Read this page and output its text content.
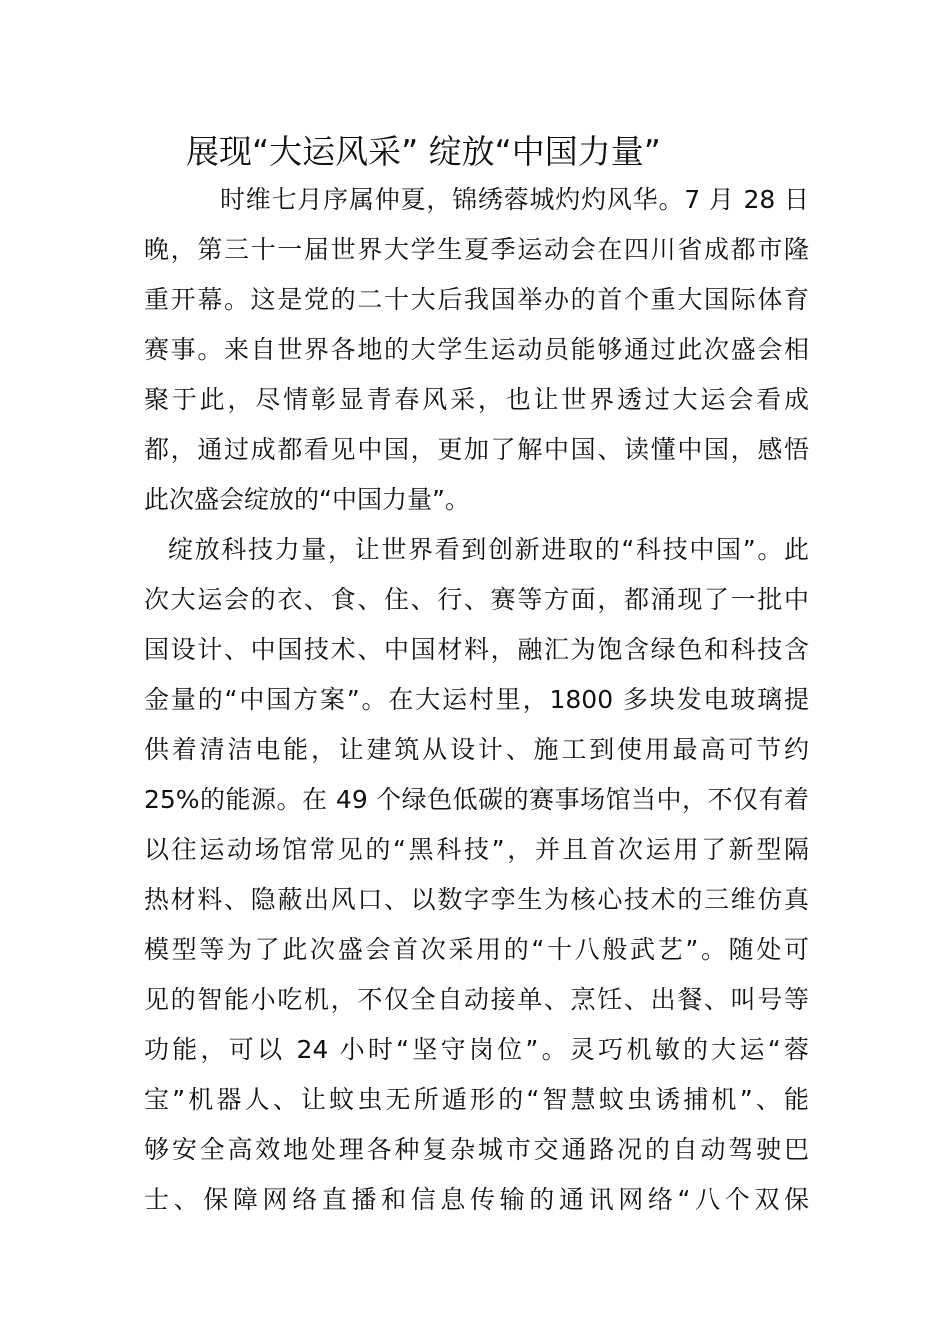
展现“大运风采” 绽放“中国力量”
时维七月序属仲夏，锦绣蓉城灼灼风华。7 月 28 日
晚，第三十一届世界大学生夏季运动会在四川省成都市隆
重开幕。这是党的二十大后我国举办的首个重大国际体育
赛事。来自世界各地的大学生运动员能够通过此次盛会相
聚于此，尽情彰显青春风采，也让世界透过大运会看成
都，通过成都看见中国，更加了解中国、读懂中国，感悟
此次盛会绽放的“中国力量”。
绽放科技力量，让世界看到创新进取的“科技中国”。此
次大运会的衣、食、住、行、赛等方面，都涌现了一批中
国设计、中国技术、中国材料，融汇为饱含绿色和科技含
金量的“中国方案”。在大运村里，1800 多块发电玻璃提
供着清洁电能，让建筑从设计、施工到使用最高可节约
25%的能源。在 49 个绿色低碳的赛事场馆当中，不仅有着
以往运动场馆常见的“黑科技”，并且首次运用了新型隔
热材料、隐蔽出风口、以数字孪生为核心技术的三维仿真
模型等为了此次盛会首次采用的“十八般武艺”。随处可
见的智能小吃机，不仅全自动接单、烹饪、出餐、叫号等
功能，可以 24 小时“坚守岗位”。灵巧机敏的大运“蓉
宝”机器人、让蚊虫无所遁形的“智慧蚊虫诱捕机”、能
够安全高效地处理各种复杂城市交通路况的自动驾驶巴
士、保障网络直播和信息传输的通讯网络“八个双保
